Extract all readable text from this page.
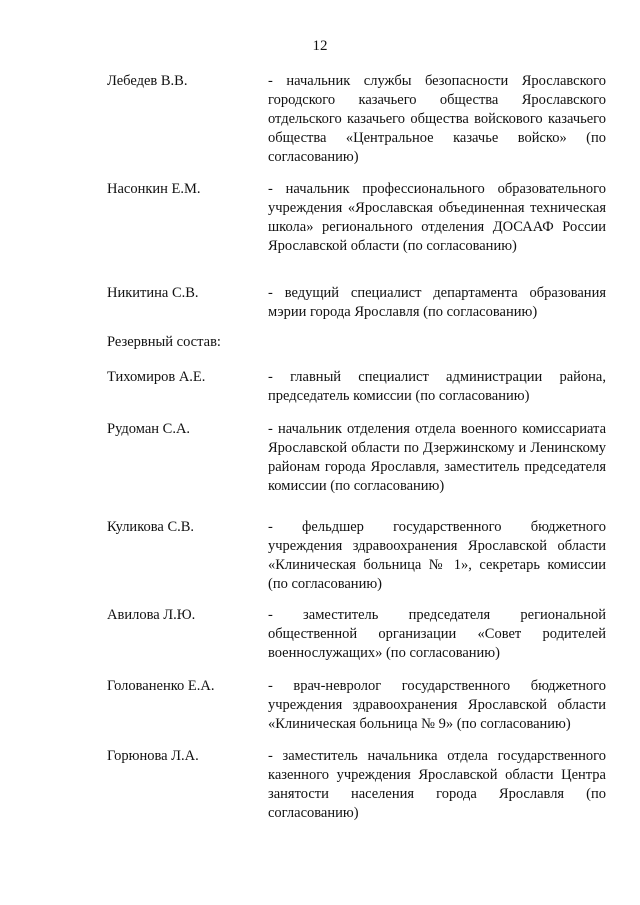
12
Лебедев В.В.	- начальник службы безопасности Ярославского городского казачьего общества Ярославского отдельского казачьего общества войскового казачьего общества «Центральное казачье войско» (по согласованию)
Насонкин Е.М.	- начальник профессионального образовательного учреждения «Ярославская объединенная техническая школа» регионального отделения ДОСААФ России Ярославской области (по согласованию)
Никитина С.В.	- ведущий специалист департамента образования мэрии города Ярославля (по согласованию)
Резервный состав:
Тихомиров А.Е.	- главный специалист администрации района, председатель комиссии (по согласованию)
Рудоман С.А.	- начальник отделения отдела военного комиссариата Ярославской области по Дзержинскому и Ленинскому районам города Ярославля, заместитель председателя комиссии (по согласованию)
Куликова С.В.	- фельдшер государственного бюджетного учреждения здравоохранения Ярославской области «Клиническая больница № 1», секретарь комиссии (по согласованию)
Авилова Л.Ю.	- заместитель председателя региональной общественной организации «Совет родителей военнослужащих» (по согласованию)
Голованенко Е.А.	- врач-невролог государственного бюджетного учреждения здравоохранения Ярославской области «Клиническая больница № 9» (по согласованию)
Горюнова Л.А.	- заместитель начальника отдела государственного казенного учреждения Ярославской области Центра занятости населения города Ярославля (по согласованию)
